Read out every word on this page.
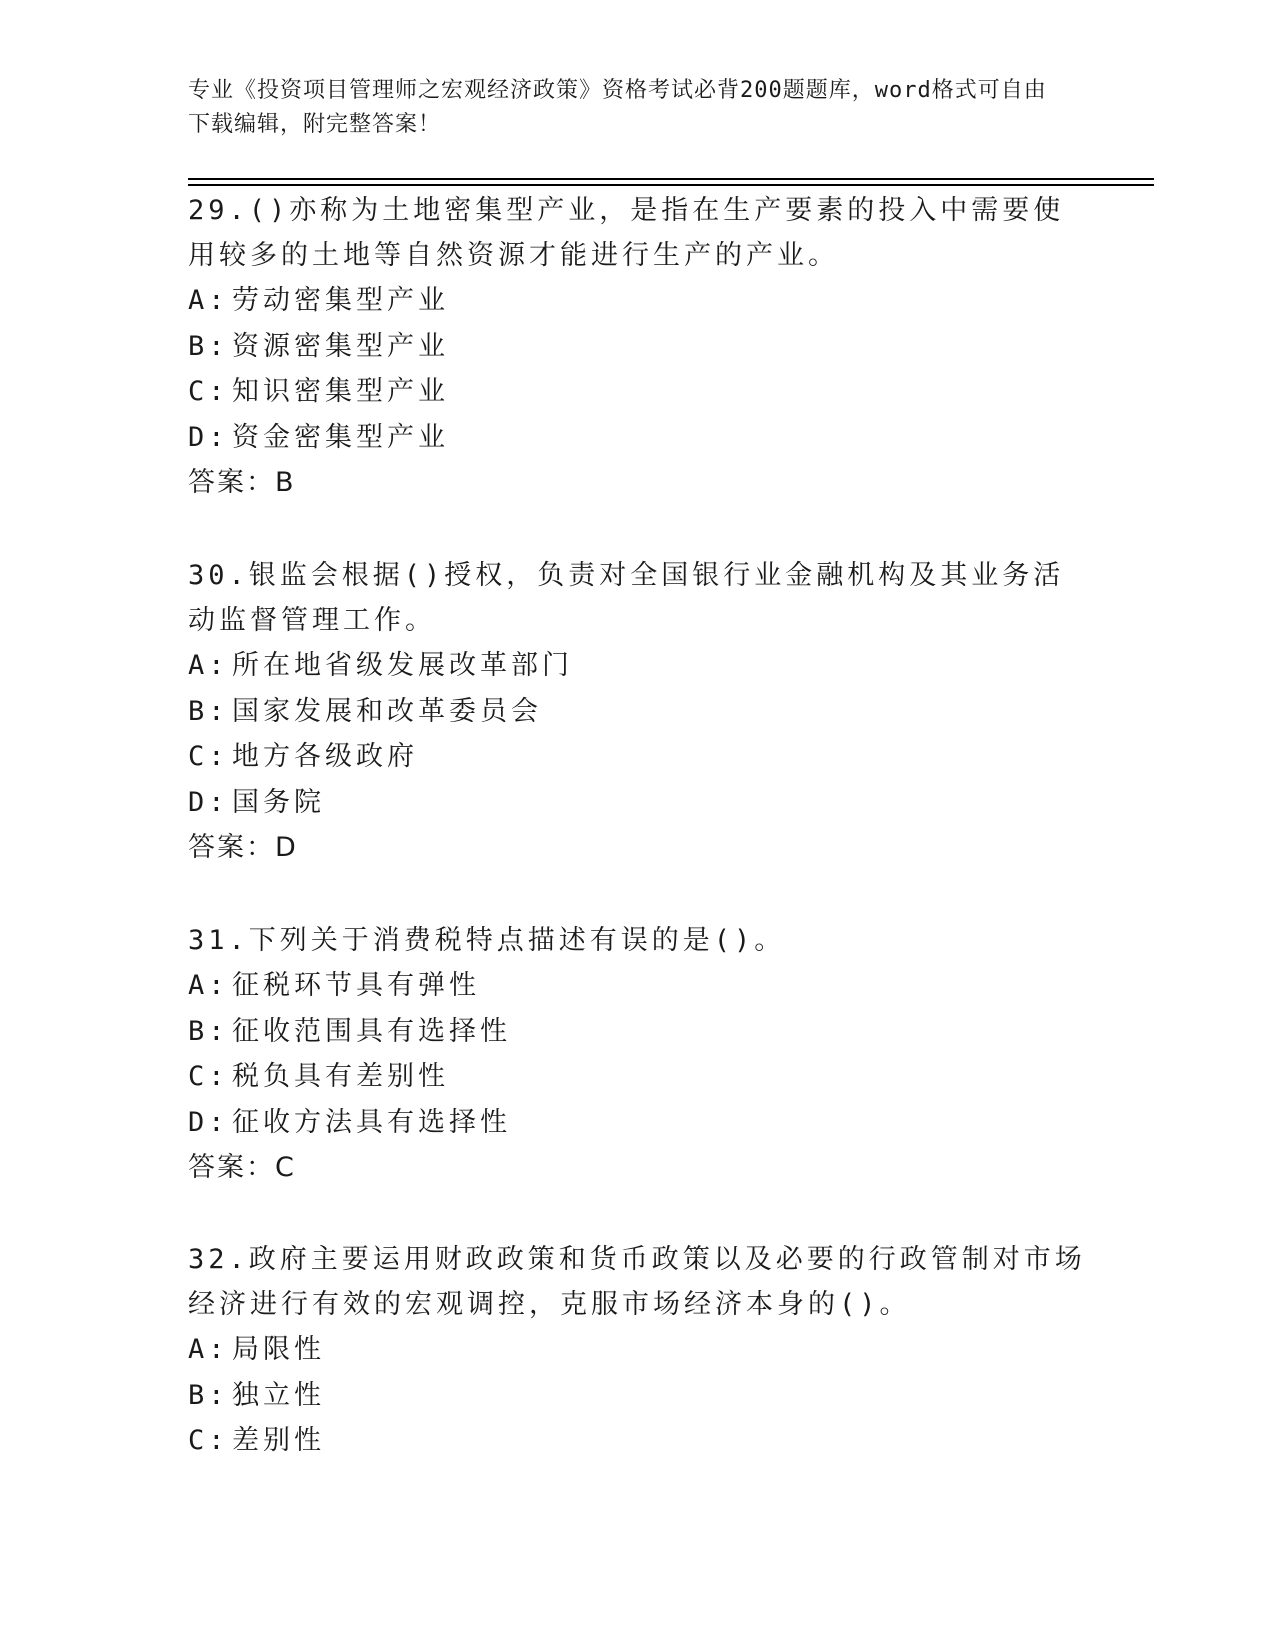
专业《投资项目管理师之宏观经济政策》资格考试必背200题题库，word格式可自由下载编辑，附完整答案！

29.()亦称为土地密集型产业，是指在生产要素的投入中需要使用较多的土地等自然资源才能进行生产的产业。

A: 劳动密集型产业
B: 资源密集型产业
C: 知识密集型产业
D: 资金密集型产业
答案：B

30.银监会根据()授权，负责对全国银行业金融机构及其业务活动监督管理工作。

A: 所在地省级发展改革部门
B: 国家发展和改革委员会
C: 地方各级政府
D: 国务院
答案：D

31.下列关于消费税特点描述有误的是()。

A: 征税环节具有弹性
B: 征收范围具有选择性
C: 税负具有差别性
D: 征收方法具有选择性
答案：C

32.政府主要运用财政政策和货币政策以及必要的行政管制对市场经济进行有效的宏观调控，克服市场经济本身的()。

A: 局限性
B: 独立性
C: 差别性
